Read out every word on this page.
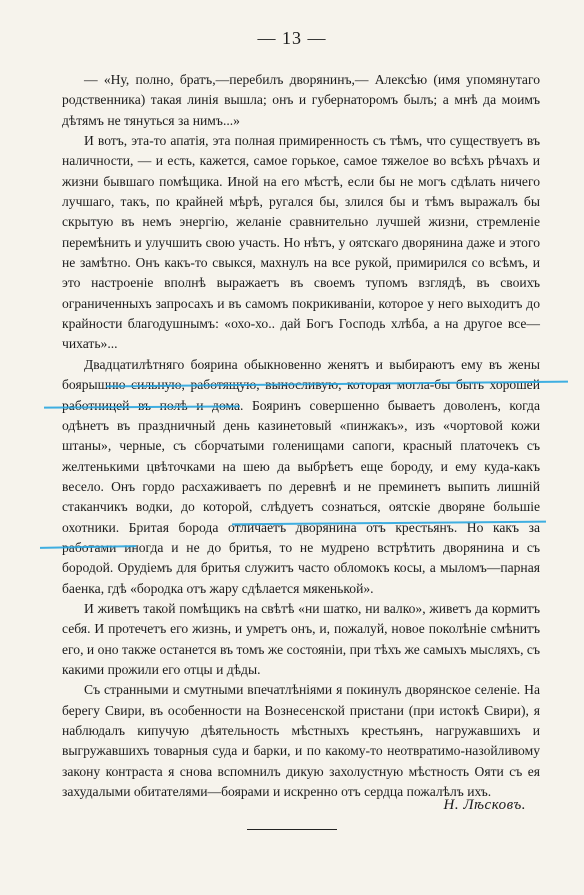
— 13 —

— «Ну, полно, братъ,—перебилъ дворянинъ,— Алексѣю (имя упомянутаго родственника) такая линія вышла; онъ и губернаторомъ былъ; а мнѣ да моимъ дѣтямъ не тянуться за нимъ...»

И вотъ, эта-то апатія, эта полная примиренность съ тѣмъ, что существуетъ въ наличности, — и есть, кажется, самое горькое, самое тяжелое во всѣхъ рѣчахъ и жизни бывшаго помѣщика. Иной на его мѣстѣ, если бы не могъ сдѣлать ничего лучшаго, такъ, по крайней мѣрѣ, ругался бы, злился бы и тѣмъ выражалъ бы скрытую въ немъ энергію, желаніе сравнительно лучшей жизни, стремленіе перемѣнить и улучшить свою участь. Но нѣтъ, у оятскаго дворянина даже и этого не замѣтно. Онъ какъ-то свыкся, махнулъ на все рукой, примирился со всѣмъ, и это настроеніе вполнѣ выражаетъ въ своемъ тупомъ взглядѣ, въ своихъ ограниченныхъ запросахъ и въ самомъ покрикиваніи, которое у него выходитъ до крайности благодушнымъ: «охо-хо.. дай Богъ Господь хлѣба, а на другое все—чихать»...

Двадцатилѣтняго боярина обыкновенно женятъ и выбираютъ ему въ жены боярышню сильную, работящую, выносливую, которая могла-бы быть хорошей работницей въ полѣ и дома. Бояринъ совершенно бываетъ доволенъ, когда одѣнетъ въ праздничный день казинетовый «пинжакъ», изъ «чортовой кожи штаны», черные, съ сборчатыми голенищами сапоги, красный платочекъ съ желтенькими цвѣточками на шею да выбрѣетъ еще бороду, и ему куда-какъ весело. Онъ гордо расхаживаетъ по деревнѣ и не преминетъ выпить лишній стаканчикъ водки, до которой, слѣдуетъ сознаться, оятскіе дворяне большіе охотники. Бритая борода отличаетъ дворянина отъ крестьянъ. Но какъ за работами иногда и не до бритья, то не мудрено встрѣтить дворянина и съ бородой. Орудіемъ для бритья служитъ часто обломокъ косы, а мыломъ—парная баенка, гдѣ «бородка отъ жару сдѣлается мякенькой».

И живетъ такой помѣщикъ на свѣтѣ «ни шатко, ни валко», живетъ да кормитъ себя. И протечетъ его жизнь, и умретъ онъ, и, пожалуй, новое поколѣніе смѣнитъ его, и оно также останется въ томъ же состояніи, при тѣхъ же самыхъ мысляхъ, съ какими прожили его отцы и дѣды.

Съ странными и смутными впечатлѣніями я покинулъ дворянское селеніе. На берегу Свири, въ особенности на Вознесенской пристани (при истокѣ Свири), я наблюдалъ кипучую дѣятельность мѣстныхъ крестьянъ, нагружавшихъ и выгружавшихъ товарныя суда и барки, и по какому-то неотвратимо-назойливому закону контраста я снова вспомнилъ дикую захолустную мѣстность Ояти съ ея захудалыми обитателями—боярами и искренно отъ сердца пожалѣлъ ихъ.

Н. Лѣсковъ.
